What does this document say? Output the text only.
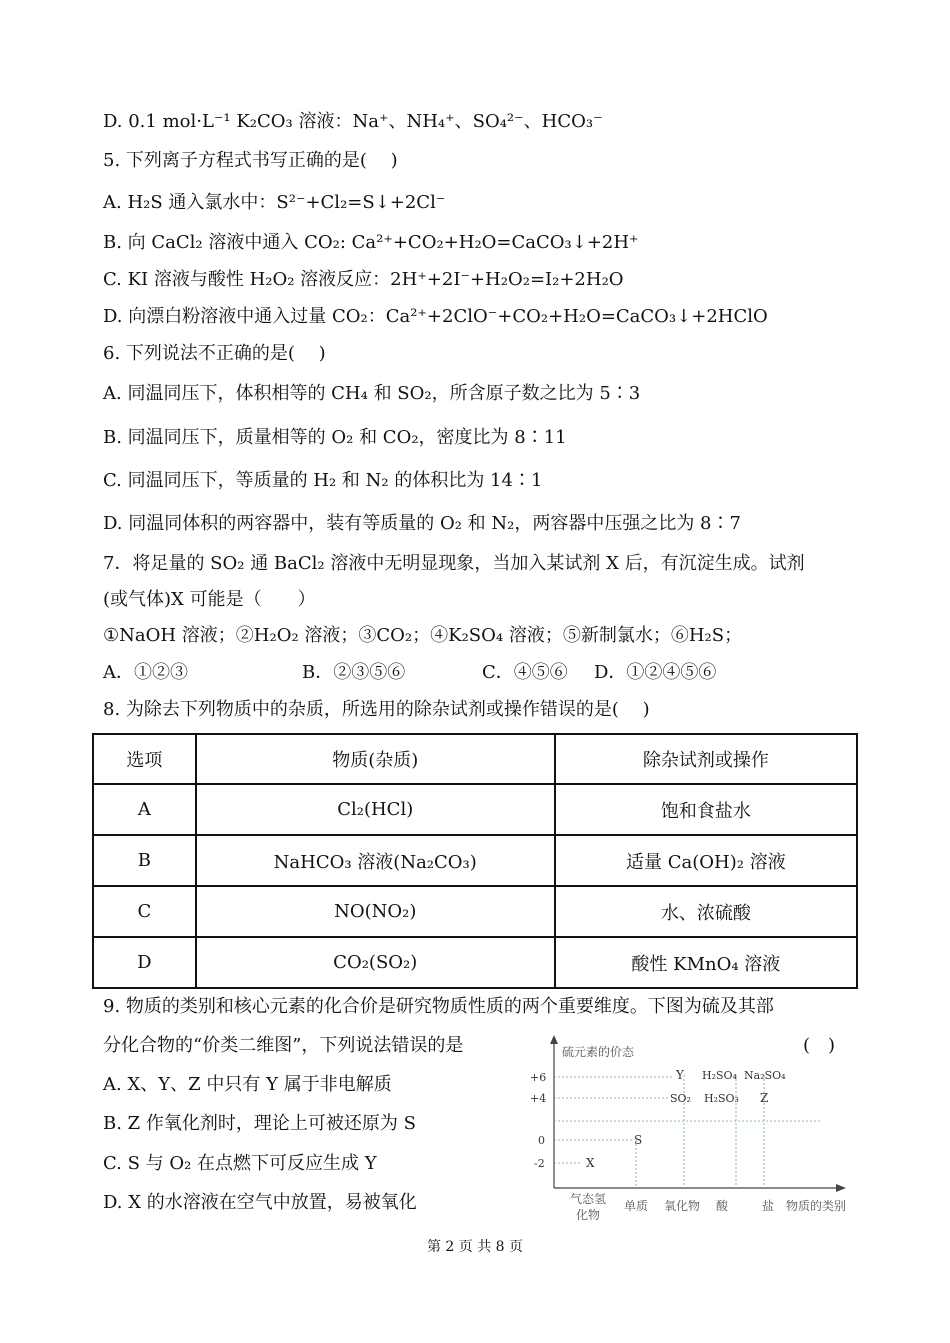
D. 0.1 mol·L⁻¹ K₂CO₃ 溶液：Na⁺、NH₄⁺、SO₄²⁻、HCO₃⁻
5. 下列离子方程式书写正确的是(　 )
A. H₂S 通入氯水中：S²⁻+Cl₂=S↓+2Cl⁻
B. 向 CaCl₂ 溶液中通入 CO₂: Ca²⁺+CO₂+H₂O=CaCO₃↓+2H⁺
C. KI 溶液与酸性 H₂O₂ 溶液反应：2H⁺+2I⁻+H₂O₂=I₂+2H₂O
D. 向漂白粉溶液中通入过量 CO₂：Ca²⁺+2ClO⁻+CO₂+H₂O=CaCO₃↓+2HClO
6. 下列说法不正确的是(　 )
A. 同温同压下，体积相等的 CH₄ 和 SO₂，所含原子数之比为 5∶3
B. 同温同压下，质量相等的 O₂ 和 CO₂，密度比为 8∶11
C. 同温同压下，等质量的 H₂ 和 N₂ 的体积比为 14∶1
D. 同温同体积的两容器中，装有等质量的 O₂ 和 N₂，两容器中压强之比为 8∶7
7．将足量的 SO₂ 通 BaCl₂ 溶液中无明显现象，当加入某试剂 X 后，有沉淀生成。试剂
(或气体)X 可能是（　　）
①NaOH 溶液；②H₂O₂ 溶液；③CO₂；④K₂SO₄ 溶液；⑤新制氯水；⑥H₂S；
A．①②③	B．②③⑤⑥	C．④⑤⑥ D．①②④⑤⑥
8. 为除去下列物质中的杂质，所选用的除杂试剂或操作错误的是(　 )
选项	物质(杂质)	除杂试剂或操作
A	Cl₂(HCl)	饱和食盐水
B	NaHCO₃ 溶液(Na₂CO₃)	适量 Ca(OH)₂ 溶液
C	NO(NO₂)	水、浓硫酸
D	CO₂(SO₂)	酸性 KMnO₄ 溶液
9. 物质的类别和核心元素的化合价是研究物质性质的两个重要维度。下图为硫及其部
分化合物的“价类二维图”，下列说法错误的是	(　)
A. X、Y、Z 中只有 Y 属于非电解质
B. Z 作氧化剂时，理论上可被还原为 S
C. S 与 O₂ 在点燃下可反应生成 Y
D. X 的水溶液在空气中放置，易被氧化
硫元素的价态
+6
+4
0
-2
Y H₂SO₄ Na₂SO₄
SO₂ H₂SO₃ Z
S
X
气态氢
化物
单质 氧化物 酸	盐 物质的类别
第 2 页 共 8 页
